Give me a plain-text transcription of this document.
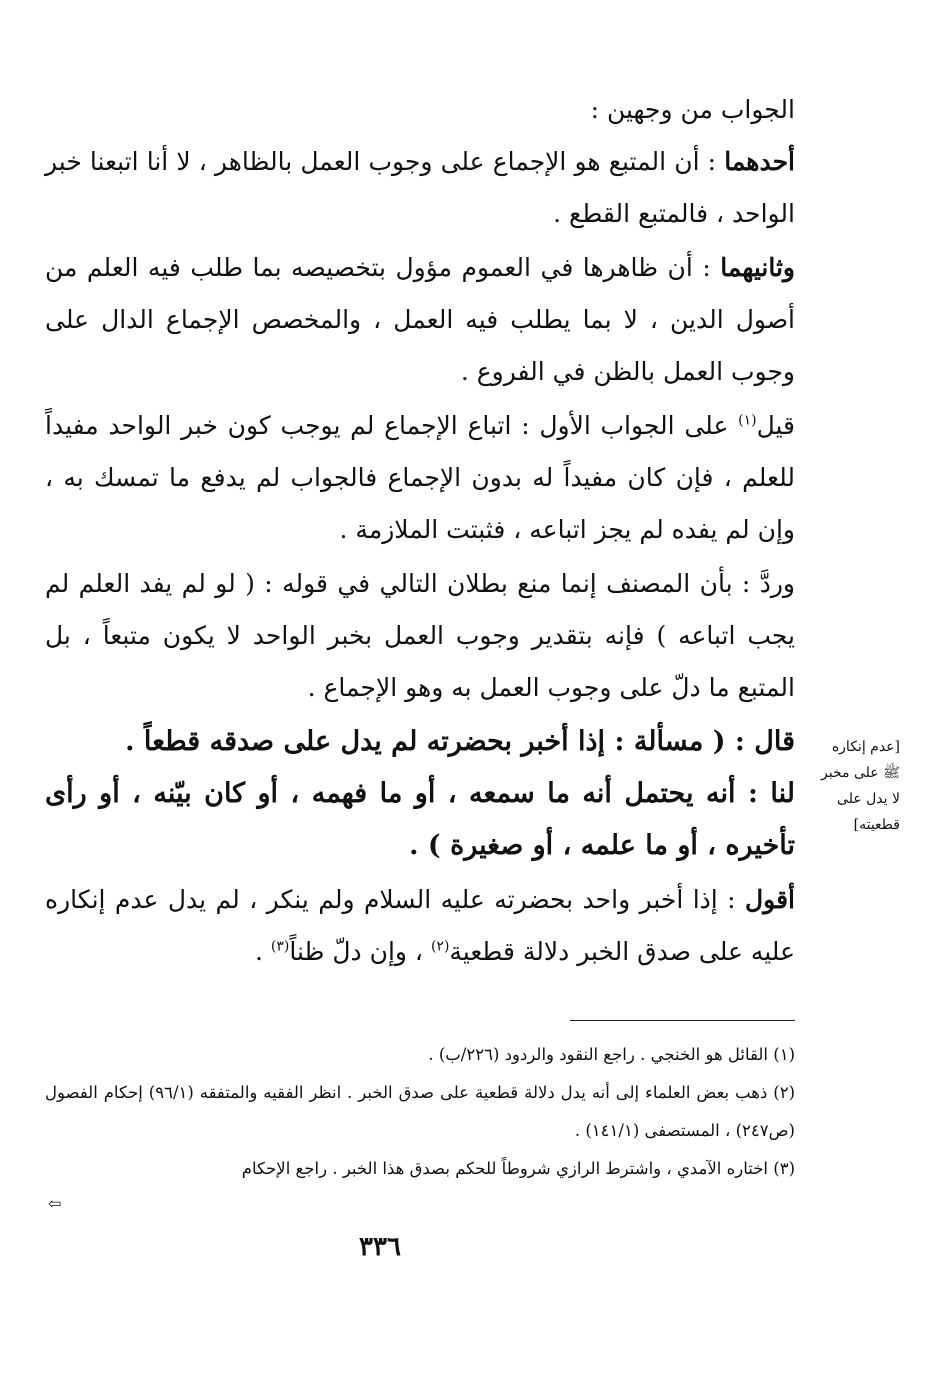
الجواب من وجهين :

أحدهما : أن المتبع هو الإجماع على وجوب العمل بالظاهر ، لا أنا اتبعنا خبر الواحد ، فالمتبع القطع .

وثانيهما : أن ظاهرها في العموم مؤول بتخصيصه بما طلب فيه العلم من أصول الدين ، لا بما يطلب فيه العمل ، والمخصص الإجماع الدال على وجوب العمل بالظن في الفروع .

قيل$^{(١)}$ على الجواب الأول : اتباع الإجماع لم يوجب كون خبر الواحد مفيداً للعلم ، فإن كان مفيداً له بدون الإجماع فالجواب لم يدفع ما تمسك به ، وإن لم يفده لم يجز اتباعه ، فثبتت الملازمة .

وردَّ : بأن المصنف إنما منع بطلان التالي في قوله : ( لو لم يفد العلم لم يجب اتباعه ) فإنه بتقدير وجوب العمل بخبر الواحد لا يكون متبعاً ، بل المتبع ما دلّ على وجوب العمل به وهو الإجماع .

قال : ( مسألة : إذا أخبر بحضرته لم يدل على صدقه قطعاً .

لنا : أنه يحتمل أنه ما سمعه ، أو ما فهمه ، أو كان بيّنه ، أو رأى تأخيره ، أو ما علمه ، أو صغيرة ) .

أقول : إذا أخبر واحد بحضرته عليه السلام ولم ينكر ، لم يدل عدم إنكاره عليه على صدق الخبر دلالة قطعية$^{(٢)}$ ، وإن دلّ ظناً$^{(٣)}$ .

[عدم إنكاره
ﷺ على مخبر
لا يدل على
قطعيته]

(١) القائل هو الخنجي . راجع النقود والردود (٢٢٦/ب) .

(٢) ذهب بعض العلماء إلى أنه يدل دلالة قطعية على صدق الخبر . انظر الفقيه والمتفقه (٩٦/١) إحكام الفصول (ص٢٤٧) ، المستصفى (١٤١/١) .

(٣) اختاره الآمدي ، واشترط الرازي شروطاً للحكم بصدق هذا الخبر . راجع الإحكام

⇦
٣٣٦
